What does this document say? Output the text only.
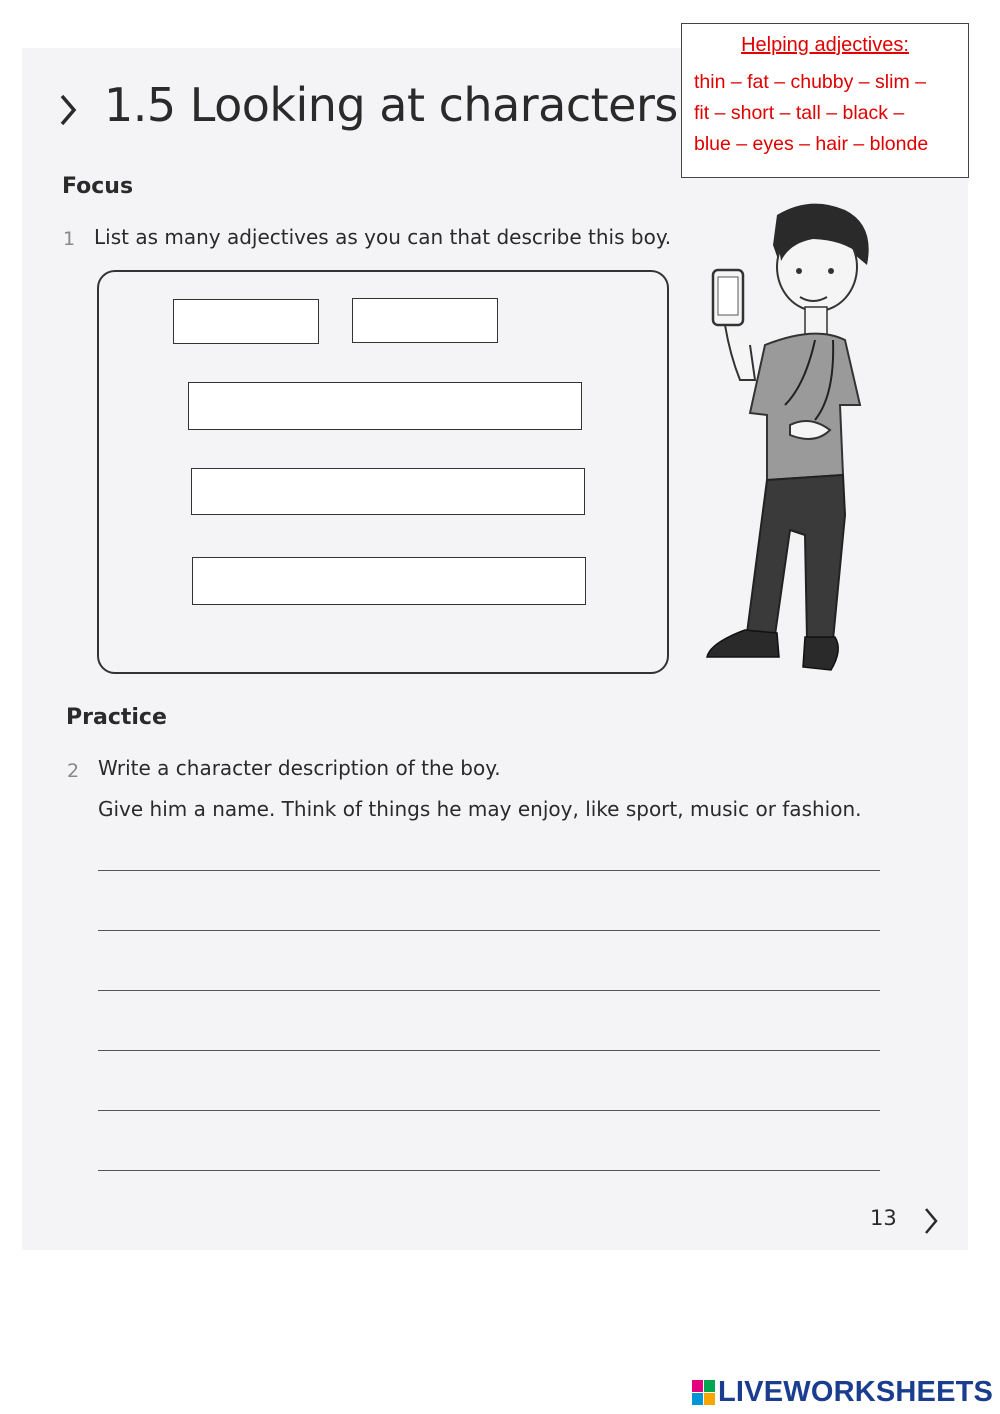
1.5 Looking at characters
Helping adjectives:
thin – fat – chubby – slim –
fit – short – tall – black –
blue – eyes – hair – blonde
Focus
1 List as many adjectives as you can that describe this boy.
Practice
2 Write a character description of the boy.
Give him a name. Think of things he may enjoy, like sport, music or fashion.
13
LIVEWORKSHEETS
